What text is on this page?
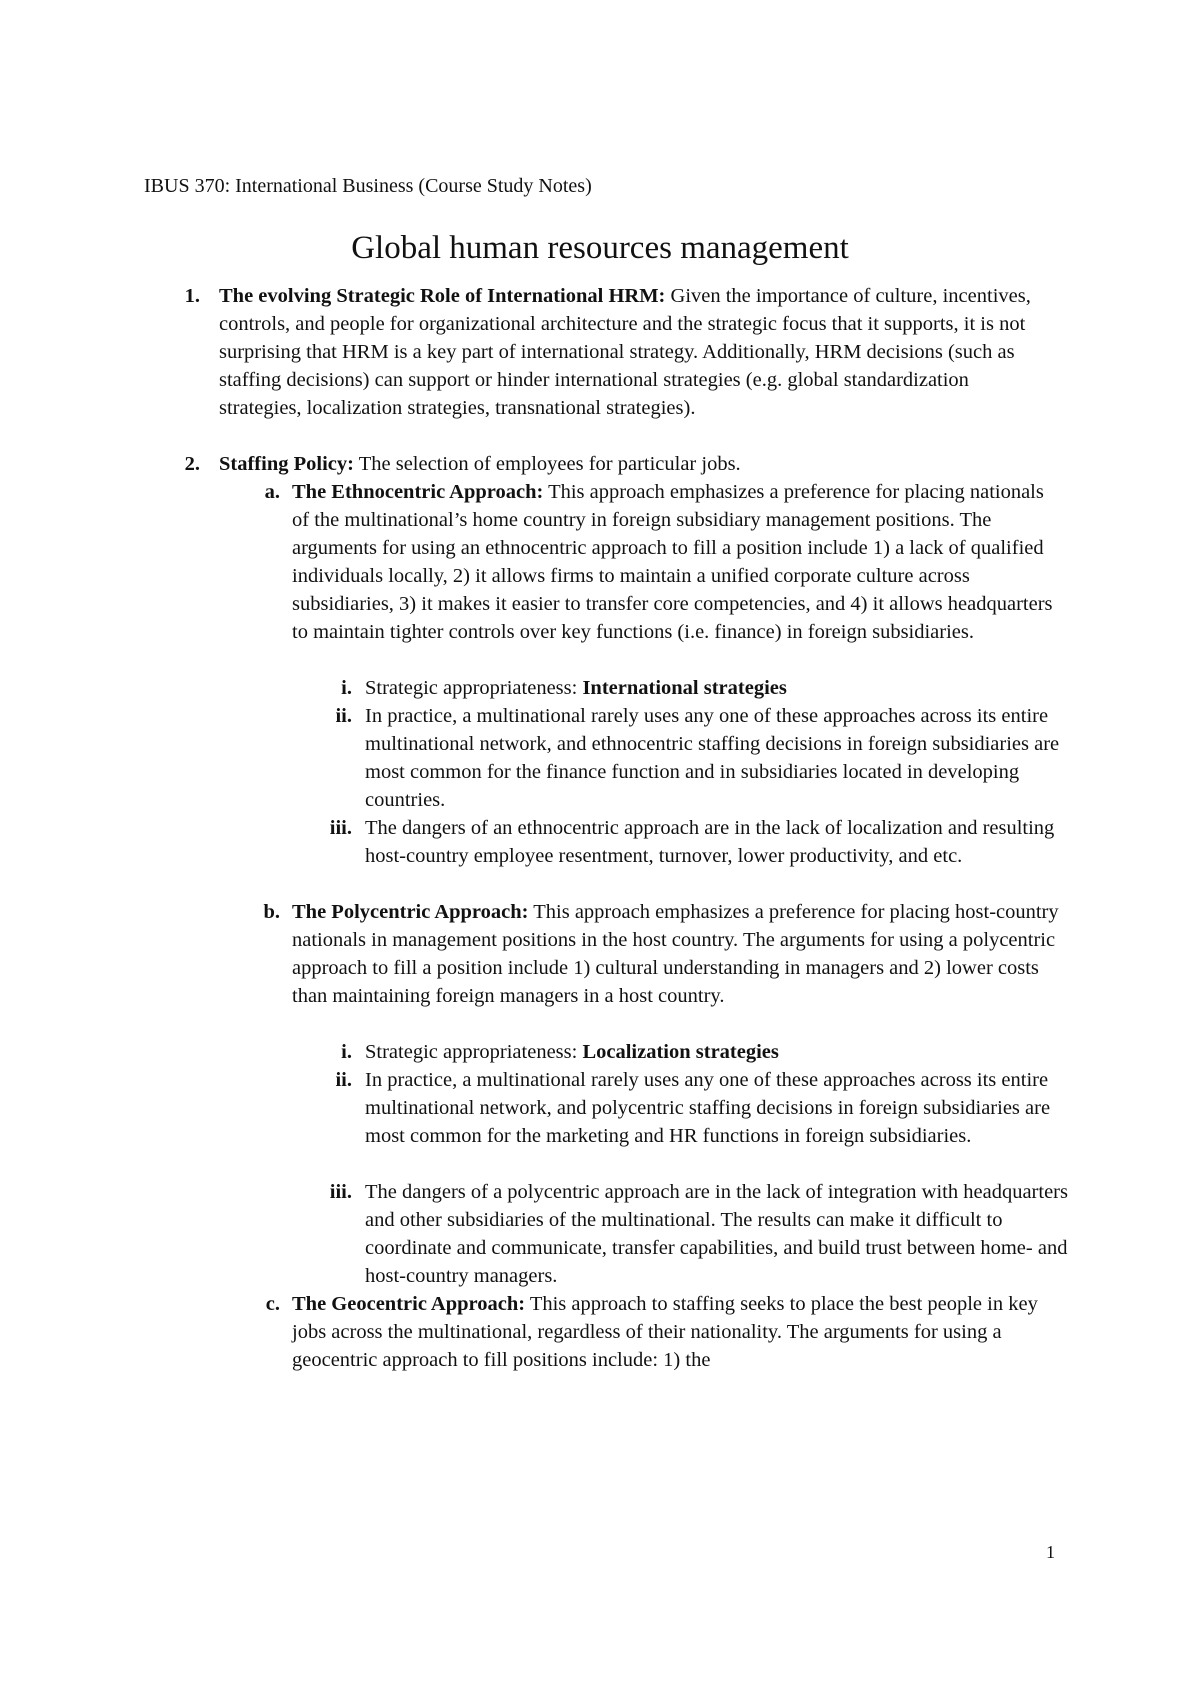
IBUS 370: International Business (Course Study Notes)
Global human resources management
1. The evolving Strategic Role of International HRM: Given the importance of culture, incentives, controls, and people for organizational architecture and the strategic focus that it supports, it is not surprising that HRM is a key part of international strategy. Additionally, HRM decisions (such as staffing decisions) can support or hinder international strategies (e.g. global standardization strategies, localization strategies, transnational strategies).

2. Staffing Policy: The selection of employees for particular jobs.

a. The Ethnocentric Approach: This approach emphasizes a preference for placing nationals of the multinational’s home country in foreign subsidiary management positions. The arguments for using an ethnocentric approach to fill a position include 1) a lack of qualified individuals locally, 2) it allows firms to maintain a unified corporate culture across subsidiaries, 3) it makes it easier to transfer core competencies, and 4) it allows headquarters to maintain tighter controls over key functions (i.e. finance) in foreign subsidiaries.

i. Strategic appropriateness: International strategies

ii. In practice, a multinational rarely uses any one of these approaches across its entire multinational network, and ethnocentric staffing decisions in foreign subsidiaries are most common for the finance function and in subsidiaries located in developing countries.

iii. The dangers of an ethnocentric approach are in the lack of localization and resulting host-country employee resentment, turnover, lower productivity, and etc.

b. The Polycentric Approach: This approach emphasizes a preference for placing host-country nationals in management positions in the host country. The arguments for using a polycentric approach to fill a position include 1) cultural understanding in managers and 2) lower costs than maintaining foreign managers in a host country.

i. Strategic appropriateness: Localization strategies

ii. In practice, a multinational rarely uses any one of these approaches across its entire multinational network, and polycentric staffing decisions in foreign subsidiaries are most common for the marketing and HR functions in foreign subsidiaries.

iii. The dangers of a polycentric approach are in the lack of integration with headquarters and other subsidiaries of the multinational. The results can make it difficult to coordinate and communicate, transfer capabilities, and build trust between home- and host-country managers.

c. The Geocentric Approach: This approach to staffing seeks to place the best people in key jobs across the multinational, regardless of their nationality. The arguments for using a geocentric approach to fill positions include: 1) the

1
